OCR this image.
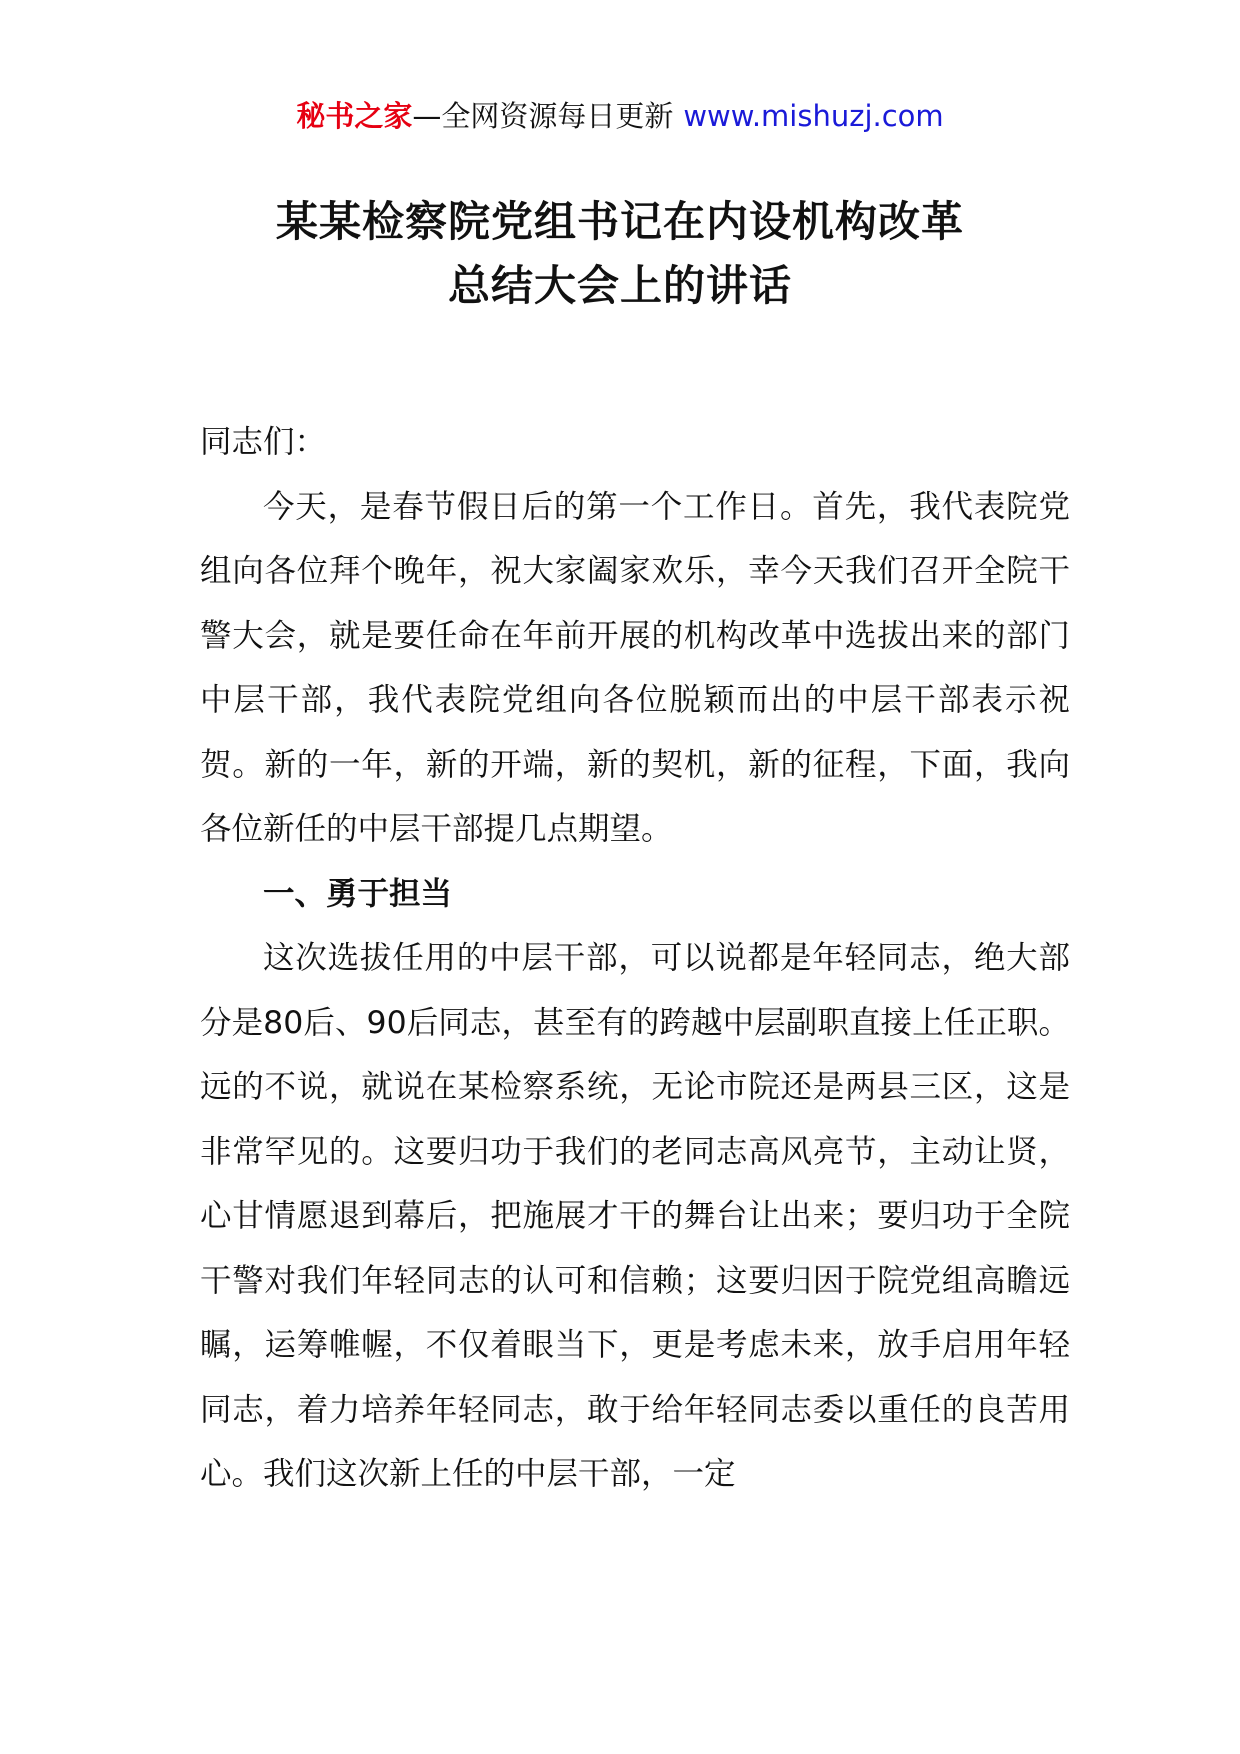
秘书之家—全网资源每日更新 www.mishuzj.com
某某检察院党组书记在内设机构改革
总结大会上的讲话

同志们：

今天，是春节假日后的第一个工作日。首先，我代表院党组向各位拜个晚年，祝大家阖家欢乐，幸今天我们召开全院干警大会，就是要任命在年前开展的机构改革中选拔出来的部门中层干部，我代表院党组向各位脱颖而出的中层干部表示祝贺。新的一年，新的开端，新的契机，新的征程，下面，我向各位新任的中层干部提几点期望。

一、勇于担当

这次选拔任用的中层干部，可以说都是年轻同志，绝大部分是80后、90后同志，甚至有的跨越中层副职直接上任正职。远的不说，就说在某检察系统，无论市院还是两县三区，这是非常罕见的。这要归功于我们的老同志高风亮节，主动让贤，心甘情愿退到幕后，把施展才干的舞台让出来；要归功于全院干警对我们年轻同志的认可和信赖；这要归因于院党组高瞻远瞩，运筹帷幄，不仅着眼当下，更是考虑未来，放手启用年轻同志，着力培养年轻同志，敢于给年轻同志委以重任的良苦用心。我们这次新上任的中层干部，一定
